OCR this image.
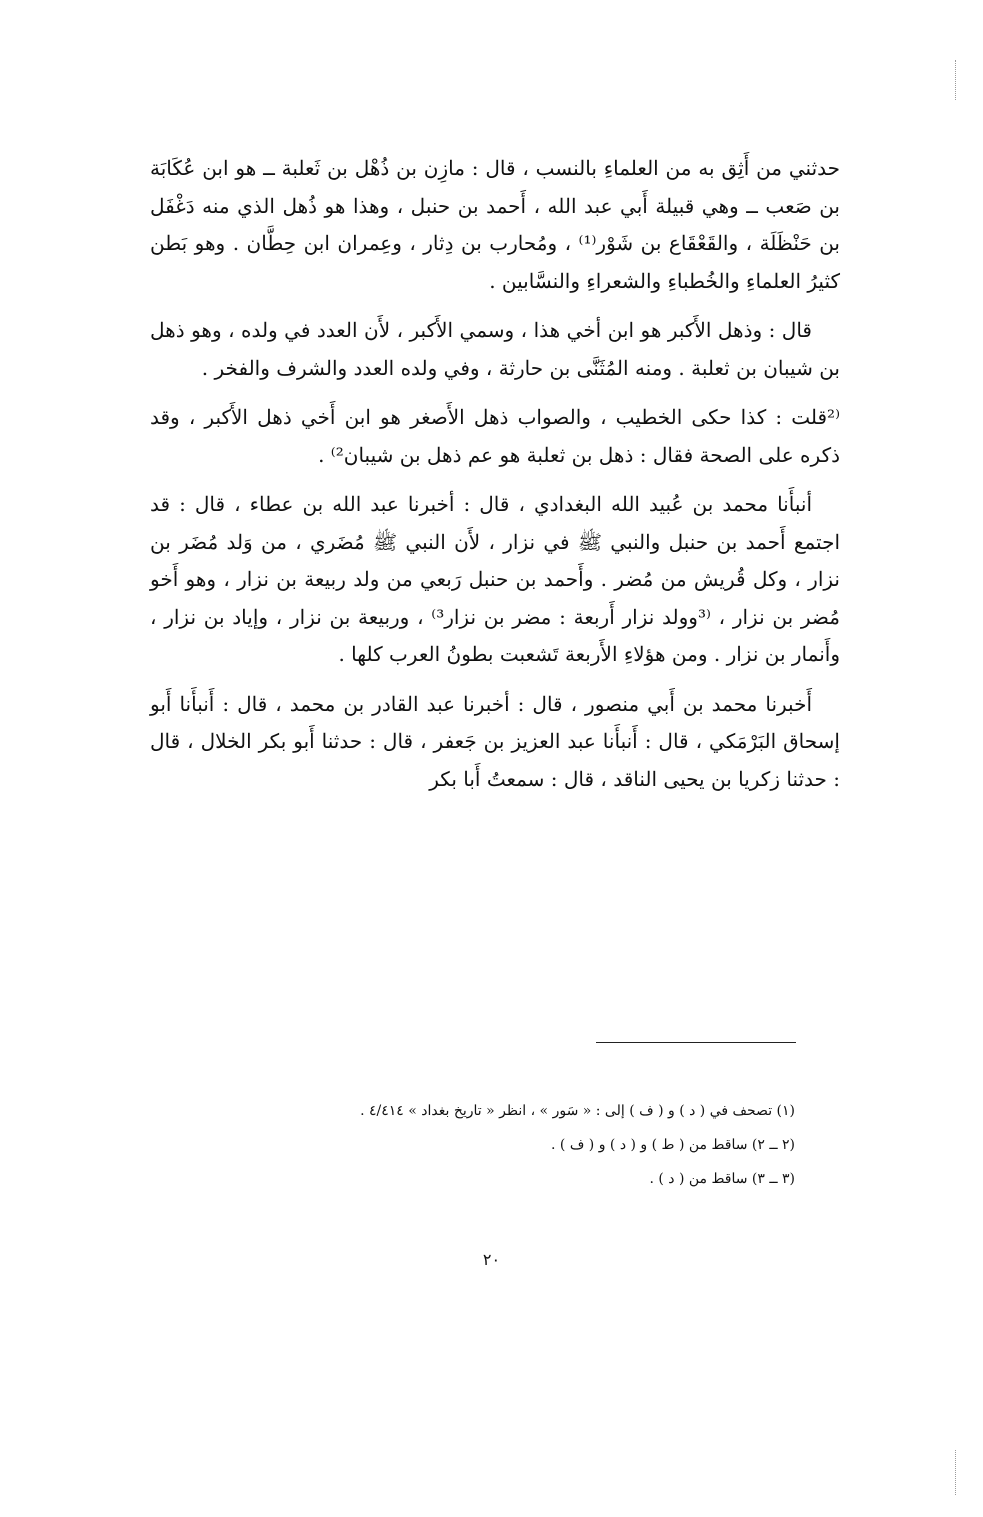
حدثني من أَثِق به من العلماءِ بالنسب ، قال : مازِن بن ذُهْل بن ثَعلبة ــ هو ابن عُكَابَة بن صَعب ــ وهي قبيلة أَبي عبد الله ، أَحمد بن حنبل ، وهذا هو ذُهل الذي منه دَغْفَل بن حَنْظَلَة ، والقَعْقَاع بن شَوْر⁽¹⁾ ، ومُحارب بن دِثار ، وعِمران ابن حِطَّان . وهو بَطن كثيرُ العلماءِ والخُطباءِ والشعراءِ والنسَّابين .

قال : وذهل الأَكبر هو ابن أخي هذا ، وسمي الأَكبر ، لأَن العدد في ولده ، وهو ذهل بن شيبان بن ثعلبة . ومنه المُثَنَّى بن حارثة ، وفي ولده العدد والشرف والفخر .

⁽²قلت : كذا حكى الخطيب ، والصواب ذهل الأَصغر هو ابن أَخي ذهل الأَكبر ، وقد ذكره على الصحة فقال : ذهل بن ثعلبة هو عم ذهل بن شيبان²⁾ .

أنبأَنا محمد بن عُبيد الله البغدادي ، قال : أخبرنا عبد الله بن عطاء ، قال : قد اجتمع أَحمد بن حنبل والنبي ﷺ في نزار ، لأَن النبي ﷺ مُضَري ، من وَلد مُضَر بن نزار ، وكل قُريش من مُضر . وأَحمد بن حنبل رَبعي من ولد ربيعة بن نزار ، وهو أَخو مُضر بن نزار ، ⁽³وولد نزار أَربعة : مضر بن نزار³⁾ ، وربيعة بن نزار ، وإياد بن نزار ، وأَنمار بن نزار . ومن هؤلاءِ الأَربعة تَشعبت بطونُ العرب كلها .

أَخبرنا محمد بن أَبي منصور ، قال : أخبرنا عبد القادر بن محمد ، قال : أَنبأَنا أَبو إسحاق البَرْمَكي ، قال : أَنبأَنا عبد العزيز بن جَعفر ، قال : حدثنا أَبو بكر الخلال ، قال : حدثنا زكريا بن يحيى الناقد ، قال : سمعتُ أَبا بكر

(١) تصحف في ( د ) و ( ف ) إلى : « سَور » ، انظر « تاريخ بغداد » ٤/٤١٤ .

(٢ ــ ٢) ساقط من ( ط ) و ( د ) و ( ف ) .

(٣ ــ ٣) ساقط من ( د ) .

٢٠
